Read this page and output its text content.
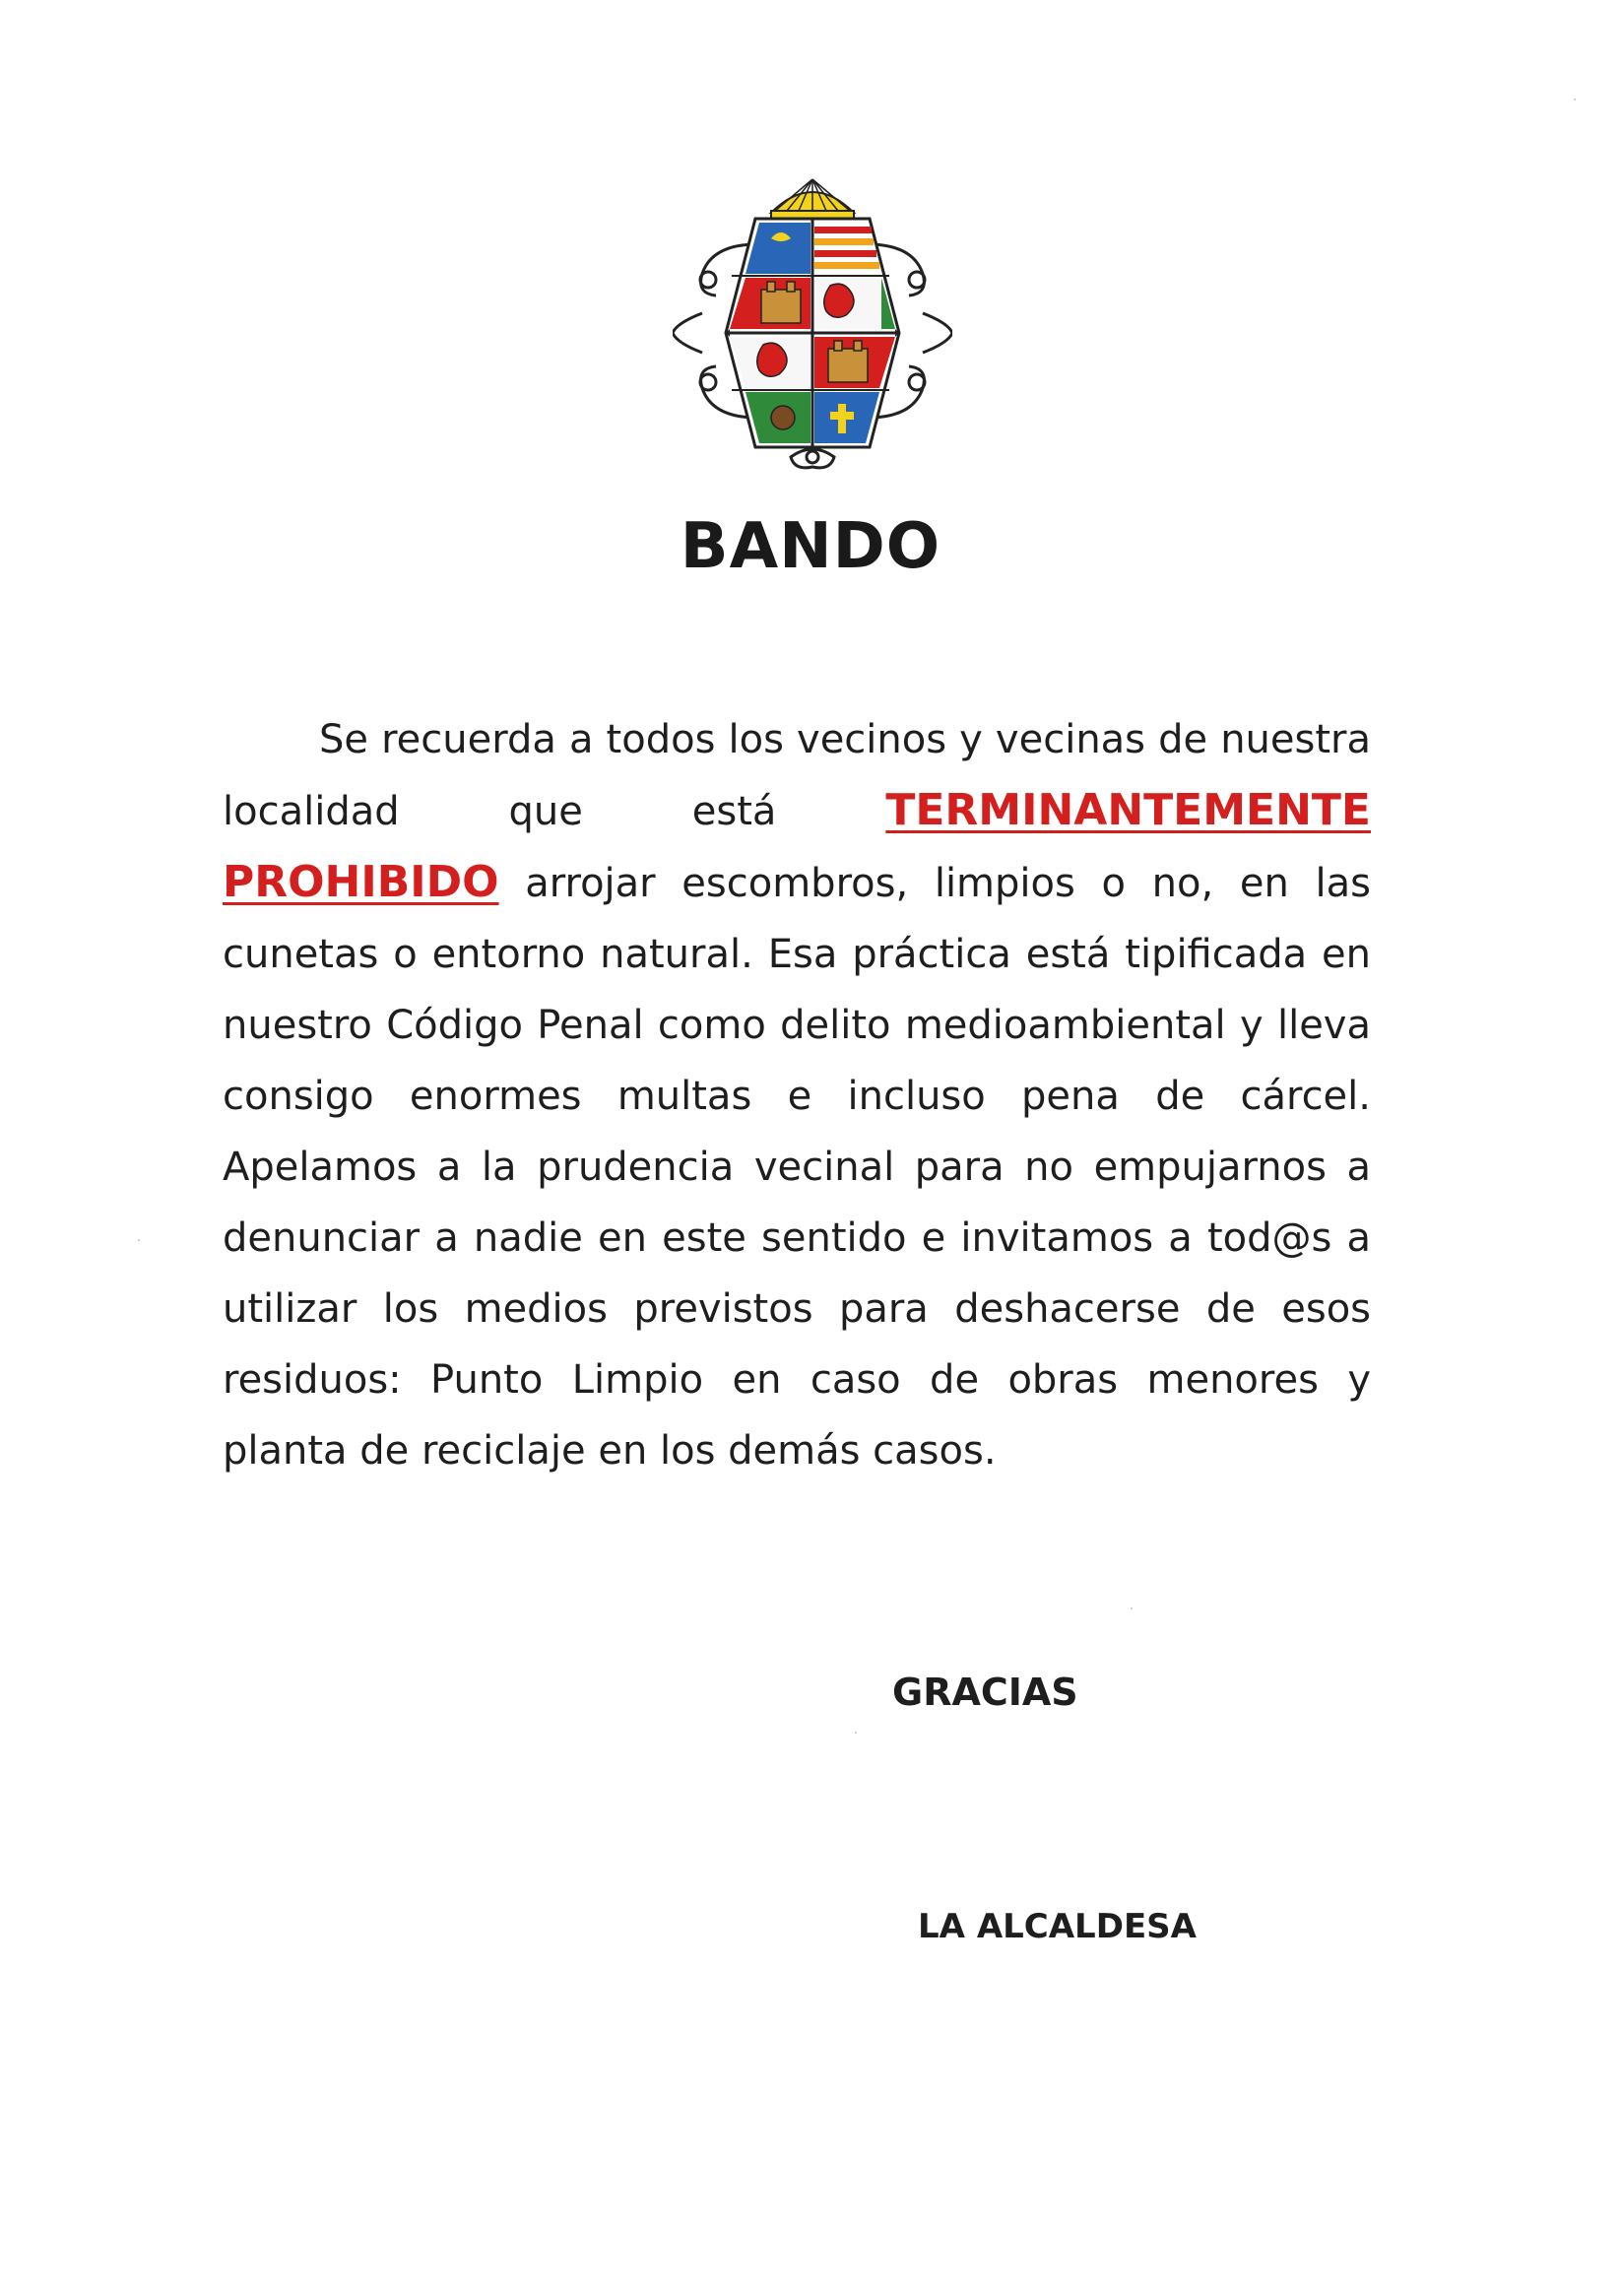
BANDO
Se recuerda a todos los vecinos y vecinas de nuestra
localidad	que	está	TERMINANTEMENTE
PROHIBIDO arrojar escombros, limpios o no, en las
cunetas o entorno natural. Esa práctica está tipificada en
nuestro Código Penal como delito medioambiental y lleva
consigo enormes multas e incluso pena de cárcel.
Apelamos a la prudencia vecinal para no empujarnos a
denunciar a nadie en este sentido e invitamos a tod@s a
utilizar los medios previstos para deshacerse de esos
residuos: Punto Limpio en caso de obras menores y
planta de reciclaje en los demás casos.
GRACIAS
LA ALCALDESA
